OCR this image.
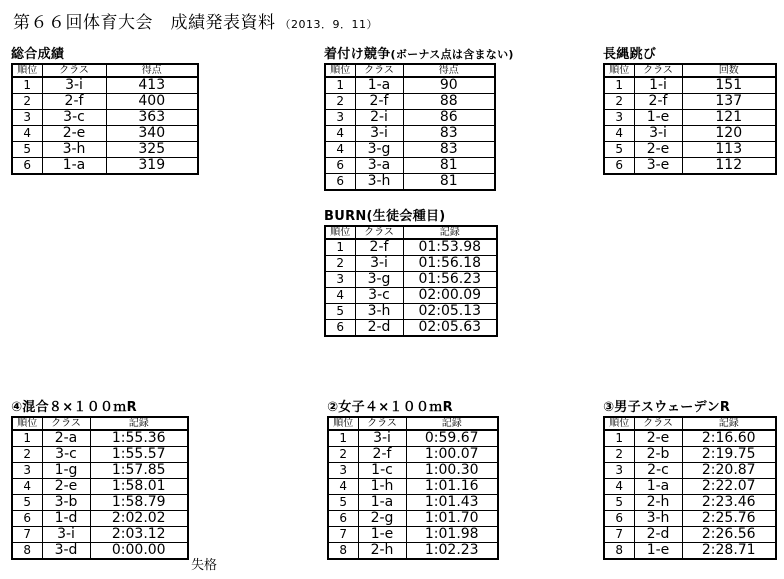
第６６回体育大会　成績発表資料 （2013．9．11）
総合成績
順位	クラス	得点
1	3-i	413
2	2-f	400
3	3-c	363
4	2-e	340
5	3-h	325
6	1-a	319
着付け競争(ボーナス点は含まない)
順位	クラス	得点
1	1-a	90
2	2-f	88
3	2-i	86
4	3-i	83
4	3-g	83
6	3-a	81
6	3-h	81
長縄跳び
順位	クラス	回数
1	1-i	151
2	2-f	137
3	1-e	121
4	3-i	120
5	2-e	113
6	3-e	112
BURN(生徒会種目)
順位	クラス	記録
1	2-f	01:53.98
2	3-i	01:56.18
3	3-g	01:56.23
4	3-c	02:00.09
5	3-h	02:05.13
6	2-d	02:05.63
④混合８×１００ｍR
順位	クラス	記録
1	2-a	1:55.36
2	3-c	1:55.57
3	1-g	1:57.85
4	2-e	1:58.01
5	3-b	1:58.79
6	1-d	2:02.02
7	3-i	2:03.12
8	3-d	0:00.00
失格
②女子４×１００ｍR
順位	クラス	記録
1	3-i	0:59.67
2	2-f	1:00.07
3	1-c	1:00.30
4	1-h	1:01.16
5	1-a	1:01.43
6	2-g	1:01.70
7	1-e	1:01.98
8	2-h	1:02.23
③男子スウェーデンR
順位	クラス	記録
1	2-e	2:16.60
2	2-b	2:19.75
3	2-c	2:20.87
4	1-a	2:22.07
5	2-h	2:23.46
6	3-h	2:25.76
7	2-d	2:26.56
8	1-e	2:28.71
